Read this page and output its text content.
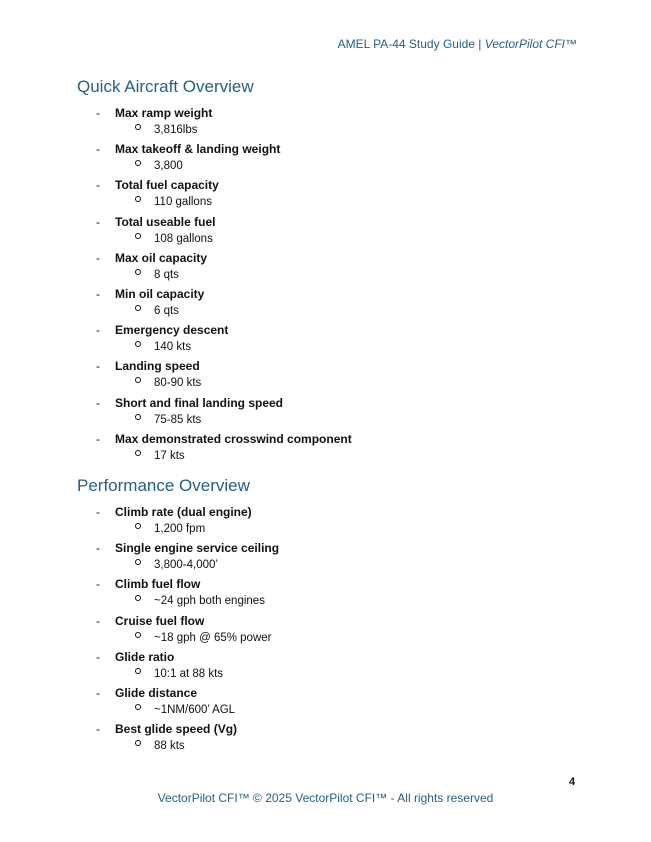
AMEL PA-44 Study Guide | VectorPilot CFI™
Quick Aircraft Overview
- Max ramp weight
3,816lbs
- Max takeoff & landing weight
3,800
- Total fuel capacity
110 gallons
- Total useable fuel
108 gallons
- Max oil capacity
8 qts
- Min oil capacity
6 qts
- Emergency descent
140 kts
- Landing speed
80-90 kts
- Short and final landing speed
75-85 kts
- Max demonstrated crosswind component
17 kts
Performance Overview
- Climb rate (dual engine)
1,200 fpm
- Single engine service ceiling
3,800-4,000’
- Climb fuel flow
~24 gph both engines
- Cruise fuel flow
~18 gph @ 65% power
- Glide ratio
10:1 at 88 kts
- Glide distance
~1NM/600’ AGL
- Best glide speed (Vg)
88 kts
4
VectorPilot CFI™ © 2025 VectorPilot CFI™ - All rights reserved
